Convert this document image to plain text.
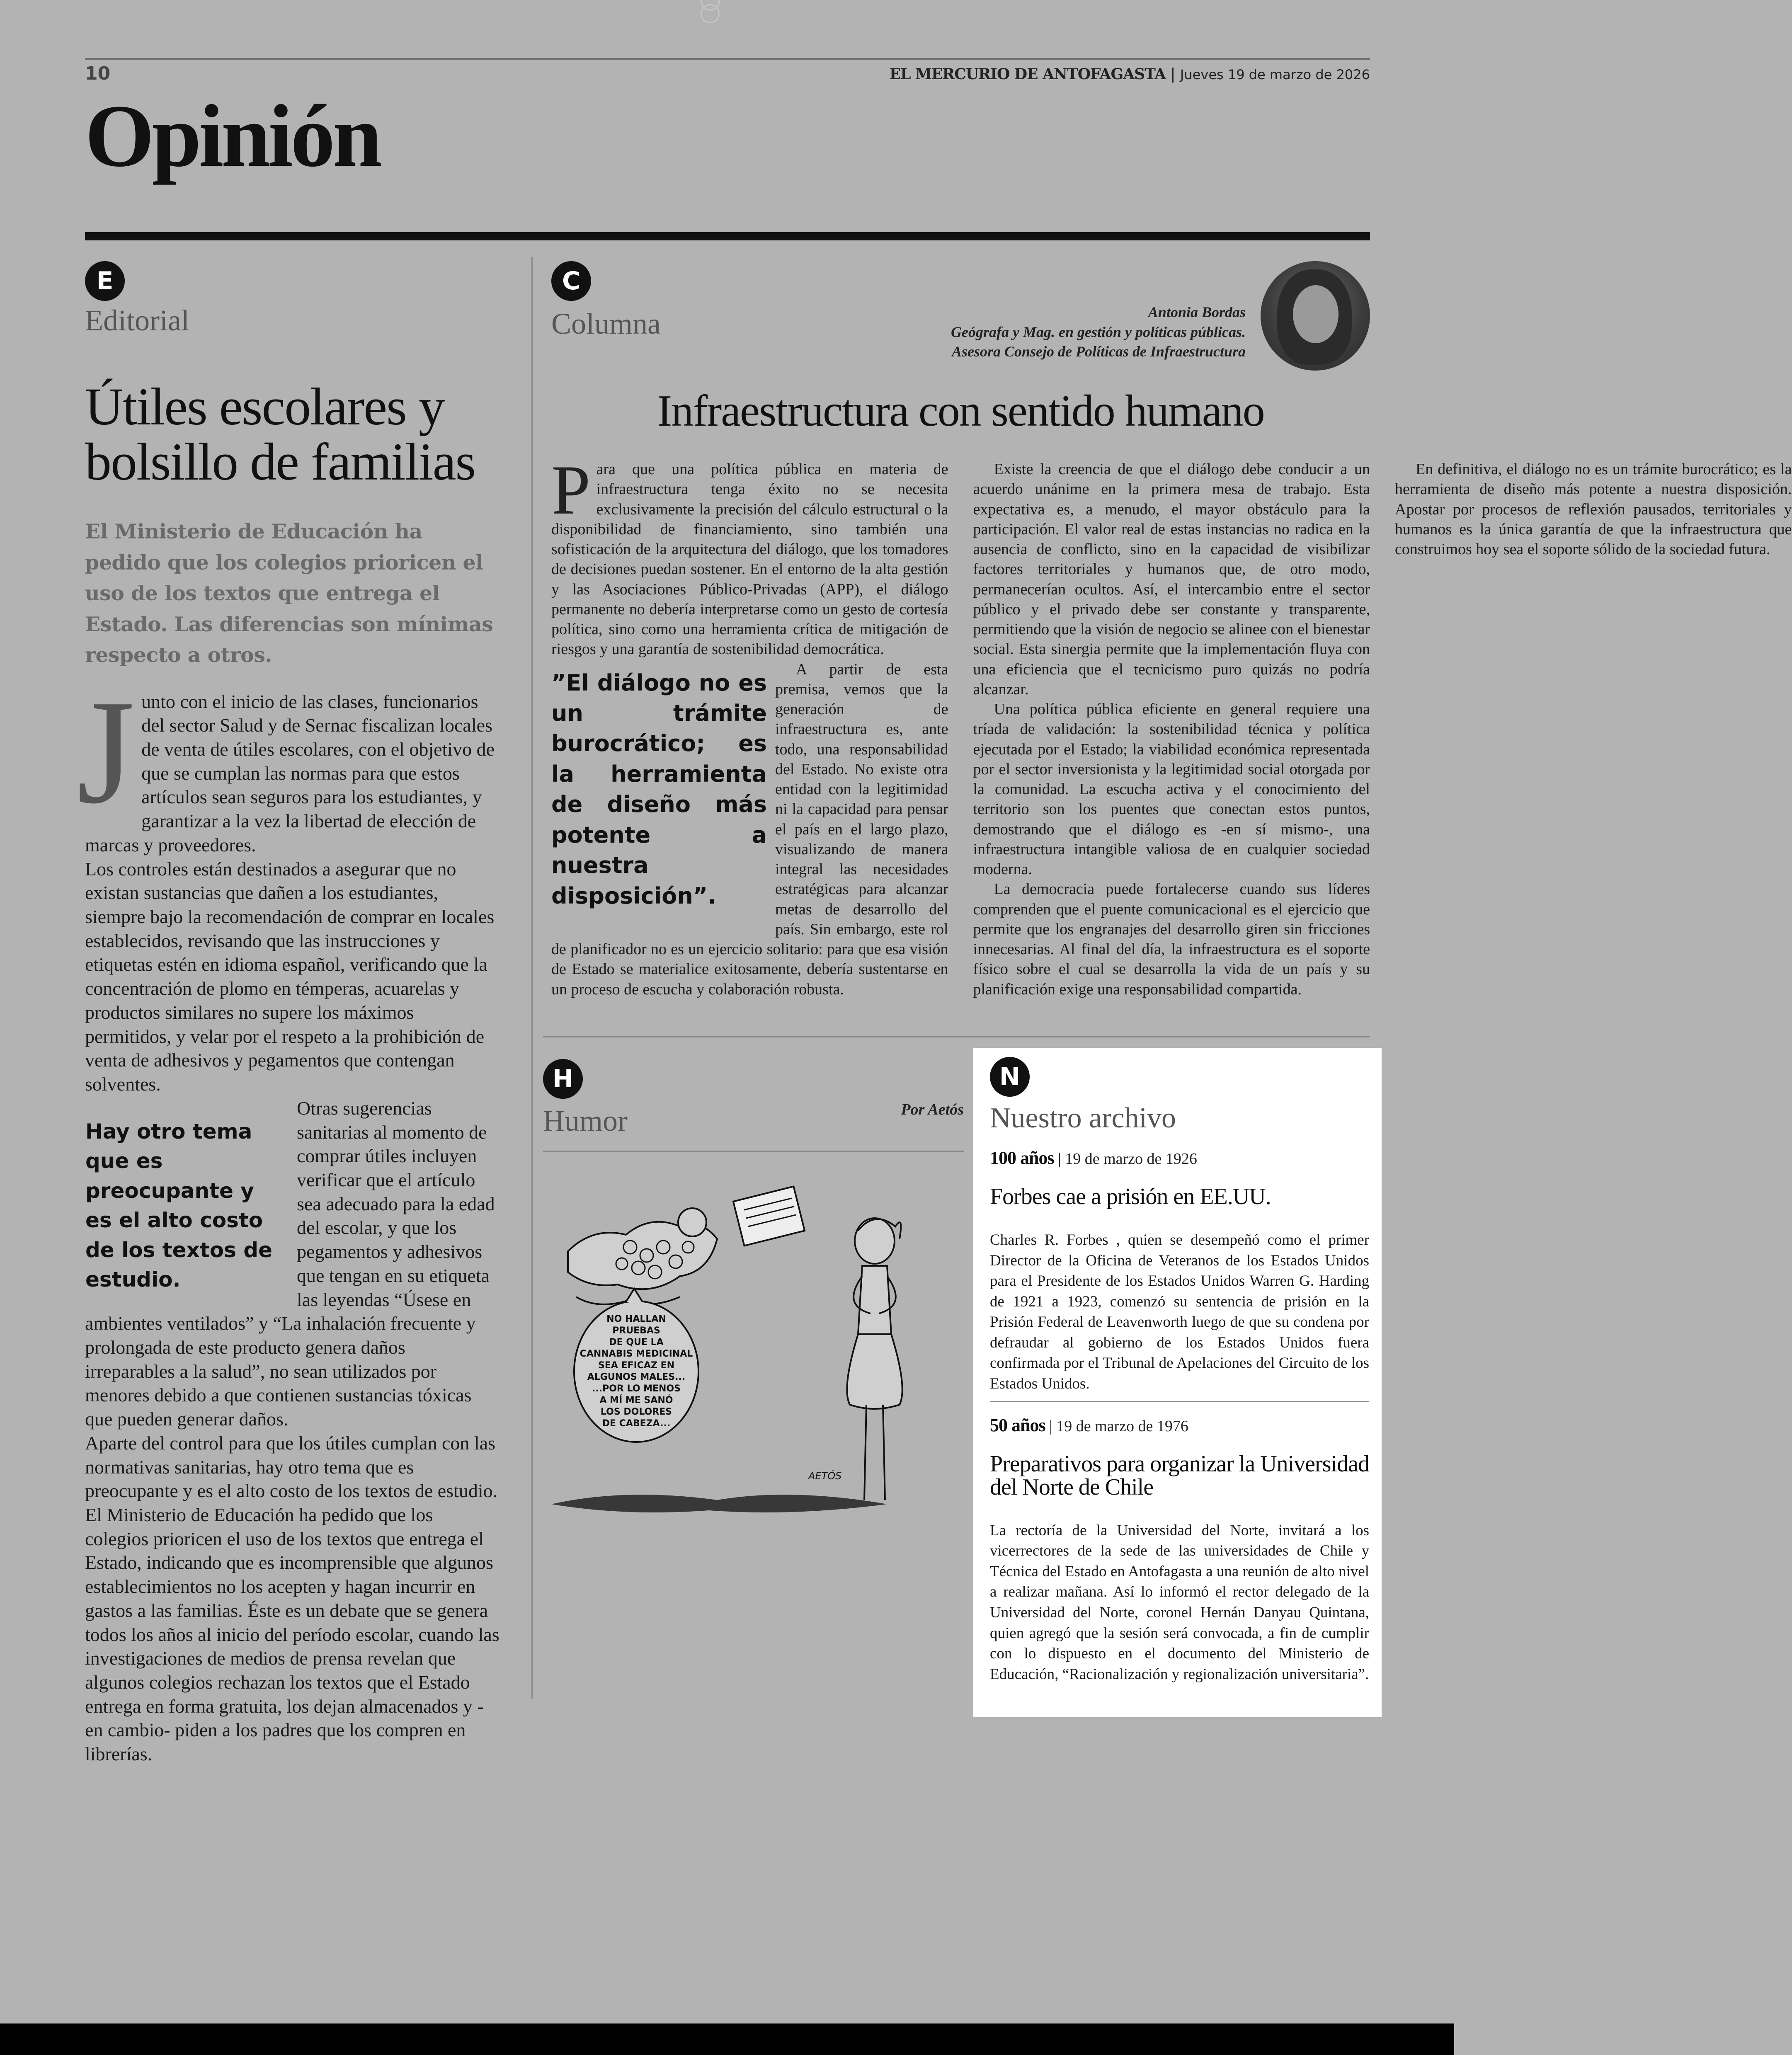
10	EL MERCURIO DE ANTOFAGASTA | Jueves 19 de marzo de 2026
Opinión
E
Editorial
Útiles escolares y bolsillo de familias
El Ministerio de Educación ha pedido que los colegios prioricen el uso de los textos que entrega el Estado. Las diferencias son mínimas respecto a otros.
J unto con el inicio de las clases, funcionarios del sector Salud y de Sernac fiscalizan locales de venta de útiles escolares, con el objetivo de que se cumplan las normas para que estos artículos sean seguros para los estudiantes, y garantizar a la vez la libertad de elección de marcas y proveedores.

Los controles están destinados a asegurar que no existan sustancias que dañen a los estudiantes, siempre bajo la recomendación de comprar en locales establecidos, revisando que las instrucciones y etiquetas estén en idioma español, verificando que la concentración de plomo en témperas, acuarelas y productos similares no supere los máximos permitidos, y velar por el respeto a la prohibición de venta de adhesivos y pegamentos que contengan solventes.

Hay otro tema que es preocupante y es el alto costo de los textos de estudio.

Otras sugerencias sanitarias al momento de comprar útiles incluyen verificar que el artículo sea adecuado para la edad del escolar, y que los pegamentos y adhesivos que tengan en su etiqueta las leyendas “Úsese en ambientes ventilados” y “La inhalación frecuente y prolongada de este producto genera daños irreparables a la salud”, no sean utilizados por menores debido a que contienen sustancias tóxicas que pueden generar daños.

Aparte del control para que los útiles cumplan con las normativas sanitarias, hay otro tema que es preocupante y es el alto costo de los textos de estudio.

El Ministerio de Educación ha pedido que los colegios prioricen el uso de los textos que entrega el Estado, indicando que es incomprensible que algunos establecimientos no los acepten y hagan incurrir en gastos a las familias. Éste es un debate que se genera todos los años al inicio del período escolar, cuando las investigaciones de medios de prensa revelan que algunos colegios rechazan los textos que el Estado entrega en forma gratuita, los dejan almacenados y -en cambio- piden a los padres que los compren en librerías.

C
Columna	Antonia Bordas
Geógrafa y Mag. en gestión y políticas públicas.
Asesora Consejo de Políticas de Infraestructura
Infraestructura con sentido humano

Para que una política pública en materia de infraestructura tenga éxito no se necesita exclusivamente la precisión del cálculo estructural o la disponibilidad de financiamiento, sino también una sofisticación de la arquitectura del diálogo, que los tomadores de decisiones puedan sostener. En el entorno de la alta gestión y las Asociaciones Público-Privadas (APP), el diálogo permanente no debería interpretarse como un gesto de cortesía política, sino como una herramienta crítica de mitigación de riesgos y una garantía de sostenibilidad democrática.

”El diálogo no es un trámite burocrático; es la herramienta de diseño más potente a nuestra disposición”.

A partir de esta premisa, vemos que la generación de infraestructura es, ante todo, una responsabilidad del Estado. No existe otra entidad con la legitimidad ni la capacidad para pensar el país en el largo plazo, visualizando de manera integral las necesidades estratégicas para alcanzar metas de desarrollo del país. Sin embargo, este rol de planificador no es un ejercicio solitario: para que esa visión de Estado se materialice exitosamente, debería sustentarse en un proceso de escucha y colaboración robusta.

Existe la creencia de que el diálogo debe conducir a un acuerdo unánime en la primera mesa de trabajo. Esta expectativa es, a menudo, el mayor obstáculo para la participación. El valor real de estas instancias no radica en la ausencia de conflicto, sino en la capacidad de visibilizar factores territoriales y humanos que, de otro modo, permanecerían ocultos. Así, el intercambio entre el sector público y el privado debe ser constante y transparente, permitiendo que la visión de negocio se alinee con el bienestar social. Esta sinergia permite que la implementación fluya con una eficiencia que el tecnicismo puro quizás no podría alcanzar.

Una política pública eficiente en general requiere una tríada de validación: la sostenibilidad técnica y política ejecutada por el Estado; la viabilidad económica representada por el sector inversionista y la legitimidad social otorgada por la comunidad. La escucha activa y el conocimiento del territorio son los puentes que conectan estos puntos, demostrando que el diálogo es -en sí mismo-, una infraestructura intangible valiosa de en cualquier sociedad moderna.

La democracia puede fortalecerse cuando sus líderes comprenden que el puente comunicacional es el ejercicio que permite que los engranajes del desarrollo giren sin fricciones innecesarias. Al final del día, la infraestructura es el soporte físico sobre el cual se desarrolla la vida de un país y su planificación exige una responsabilidad compartida.

En definitiva, el diálogo no es un trámite burocrático; es la herramienta de diseño más potente a nuestra disposición. Apostar por procesos de reflexión pausados, territoriales y humanos es la única garantía de que la infraestructura que construimos hoy sea el soporte sólido de la sociedad futura.

H
Humor	Por Aetós
NO HALLAN
PRUEBAS
DE QUE LA
CANNABIS MEDICINAL
SEA EFICAZ EN
ALGUNOS MALES...
...POR LO MENOS
A MÍ ME SANÓ
LOS DOLORES
DE CABEZA...
AETÓS
N
Nuestro archivo
100 años | 19 de marzo de 1926
Forbes cae a prisión en EE.UU.
Charles R. Forbes , quien se desempeñó como el primer Director de la Oficina de Veteranos de los Estados Unidos para el Presidente de los Estados Unidos Warren G. Harding de 1921 a 1923, comenzó su sentencia de prisión en la Prisión Federal de Leavenworth luego de que su condena por defraudar al gobierno de los Estados Unidos fuera confirmada por el Tribunal de Apelaciones del Circuito de los Estados Unidos.
50 años | 19 de marzo de 1976
Preparativos para organizar la Universidad del Norte de Chile
La rectoría de la Universidad del Norte, invitará a los vicerrectores de la sede de las universidades de Chile y Técnica del Estado en Antofagasta a una reunión de alto nivel a realizar mañana. Así lo informó el rector delegado de la Universidad del Norte, coronel Hernán Danyau Quintana, quien agregó que la sesión será convocada, a fin de cumplir con lo dispuesto en el documento del Ministerio de Educación, “Racionalización y regionalización universitaria”.
